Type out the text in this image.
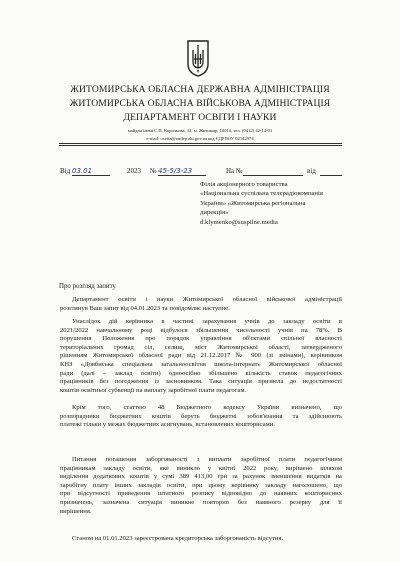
ЖИТОМИРСЬКА ОБЛАСНА ДЕРЖАВНА АДМІНІСТРАЦІЯ
ЖИТОМИРСЬКА ОБЛАСНА ВІЙСЬКОВА АДМІНІСТРАЦІЯ
ДЕПАРТАМЕНТ ОСВІТИ І НАУКИ
майдан імені С.П. Корольова, 12, м. Житомир, 10014, тел. (0412) 42-14-01
e-mail: osvita@ondep.zht.gov.ua код ЄДРПОУ 02142974
Від 03.01	2023 № 45-5/3-23	На №
	від

Філія акціонерного товариства
«Національна суспільна телерадіокомпанія
України» «Житомирська регіональна
дирекція»
d.klymenko@suspilne.media
Про розгляд запиту
Департамент освіти і науки Житомирської обласної військової адміністрації
розглянув Ваш запит від 04.01.2023 та повідомляє наступне.
Унаслідок дій керівника в частині зарахування учнів до закладу освіти в
2021/2022 навчальному році відбулося збільшення чисельності учнів на 78%. В
порушення Положення про порядок управління об'єктами спільної власності
територіальних громад сіл, селищ, міст Житомирської області, затвердженого
рішенням Житомирської обласної ради від 21.12.2017 № 900 (зі змінами), керівником
КНЗ «Довбиська спеціальна загальноосвітня школа-інтернат» Житомирської обласної
ради (далі – заклад освіти) одноосібно збільшено кількість ставок педагогічних
працівників без погодження із засновником. Така ситуація призвела до недостатності
коштів освітньої субвенції на виплату заробітної плати педагогам.
Крім того, статтею 48 Бюджетного кодексу України визначено, що
розпорядники бюджетних коштів беруть бюджетні зобов'язання та здійснюють
платежі тільки у межах бюджетних асигнувань, встановлених кошторисами.
Питання погашення заборгованості з виплати заробітної плати педагогічним
працівникам закладу освіти, яке виникло у квітні 2022 року, вирішено шляхом
виділення додаткових коштів у сумі 389 413,00 грн за рахунок зменшення видатків на
заробітну плату інших закладів освіти, при цьому керівнику закладу наголошено, що
при відсутності приведення штатного розпису відповідно до наявних кошторисних
призначень, зазначена ситуація виникне повторно без наявного резерву для її
вирішення.
Станом на 01.01.2023 зареєстрована кредиторська заборгованість відсутня.
